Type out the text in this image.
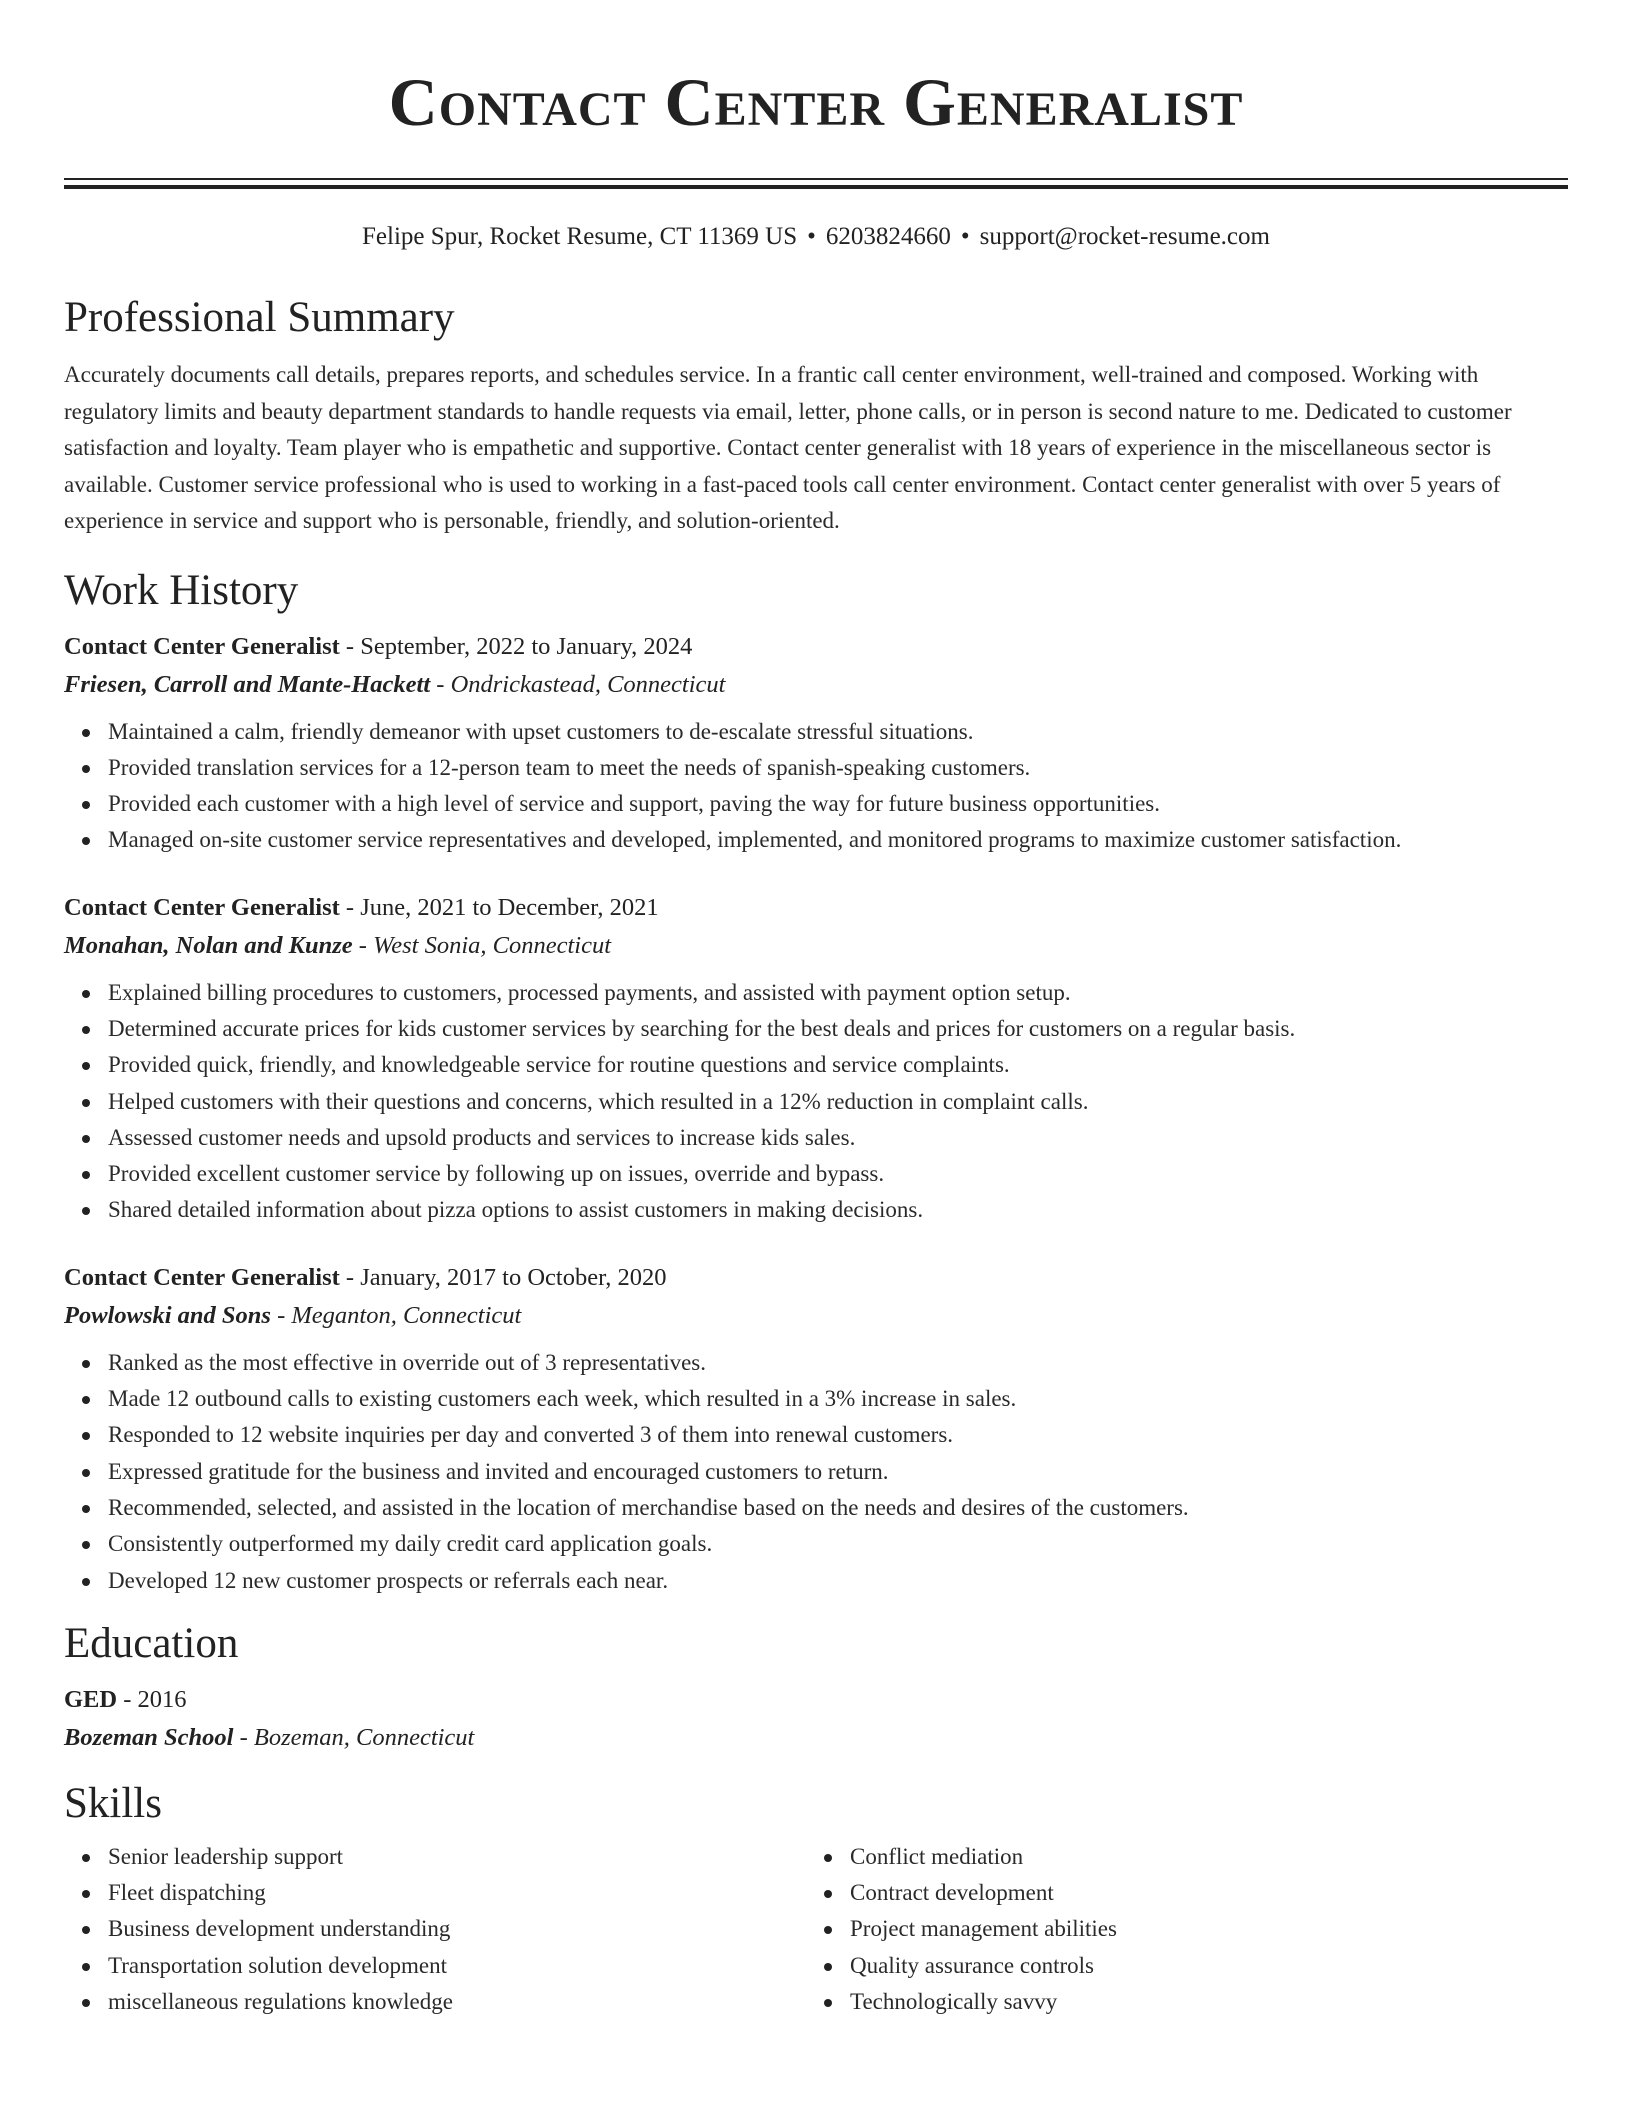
Contact Center Generalist
Felipe Spur, Rocket Resume, CT 11369 US • 6203824660 • support@rocket-resume.com
Professional Summary

Accurately documents call details, prepares reports, and schedules service. In a frantic call center environment, well-trained and composed. Working with regulatory limits and beauty department standards to handle requests via email, letter, phone calls, or in person is second nature to me. Dedicated to customer satisfaction and loyalty. Team player who is empathetic and supportive. Contact center generalist with 18 years of experience in the miscellaneous sector is available. Customer service professional who is used to working in a fast-paced tools call center environment. Contact center generalist with over 5 years of experience in service and support who is personable, friendly, and solution-oriented.

Work History
Contact Center Generalist - September, 2022 to January, 2024
Friesen, Carroll and Mante-Hackett - Ondrickastead, Connecticut
Maintained a calm, friendly demeanor with upset customers to de-escalate stressful situations.
Provided translation services for a 12-person team to meet the needs of spanish-speaking customers.
Provided each customer with a high level of service and support, paving the way for future business opportunities.
Managed on-site customer service representatives and developed, implemented, and monitored programs to maximize customer satisfaction.
Contact Center Generalist - June, 2021 to December, 2021
Monahan, Nolan and Kunze - West Sonia, Connecticut
Explained billing procedures to customers, processed payments, and assisted with payment option setup.
Determined accurate prices for kids customer services by searching for the best deals and prices for customers on a regular basis.
Provided quick, friendly, and knowledgeable service for routine questions and service complaints.
Helped customers with their questions and concerns, which resulted in a 12% reduction in complaint calls.
Assessed customer needs and upsold products and services to increase kids sales.
Provided excellent customer service by following up on issues, override and bypass.
Shared detailed information about pizza options to assist customers in making decisions.
Contact Center Generalist - January, 2017 to October, 2020
Powlowski and Sons - Meganton, Connecticut
Ranked as the most effective in override out of 3 representatives.
Made 12 outbound calls to existing customers each week, which resulted in a 3% increase in sales.
Responded to 12 website inquiries per day and converted 3 of them into renewal customers.
Expressed gratitude for the business and invited and encouraged customers to return.
Recommended, selected, and assisted in the location of merchandise based on the needs and desires of the customers.
Consistently outperformed my daily credit card application goals.
Developed 12 new customer prospects or referrals each near.
Education
GED - 2016
Bozeman School - Bozeman, Connecticut
Skills
Senior leadership support
Fleet dispatching
Business development understanding
Transportation solution development
miscellaneous regulations knowledge
Conflict mediation
Contract development
Project management abilities
Quality assurance controls
Technologically savvy
